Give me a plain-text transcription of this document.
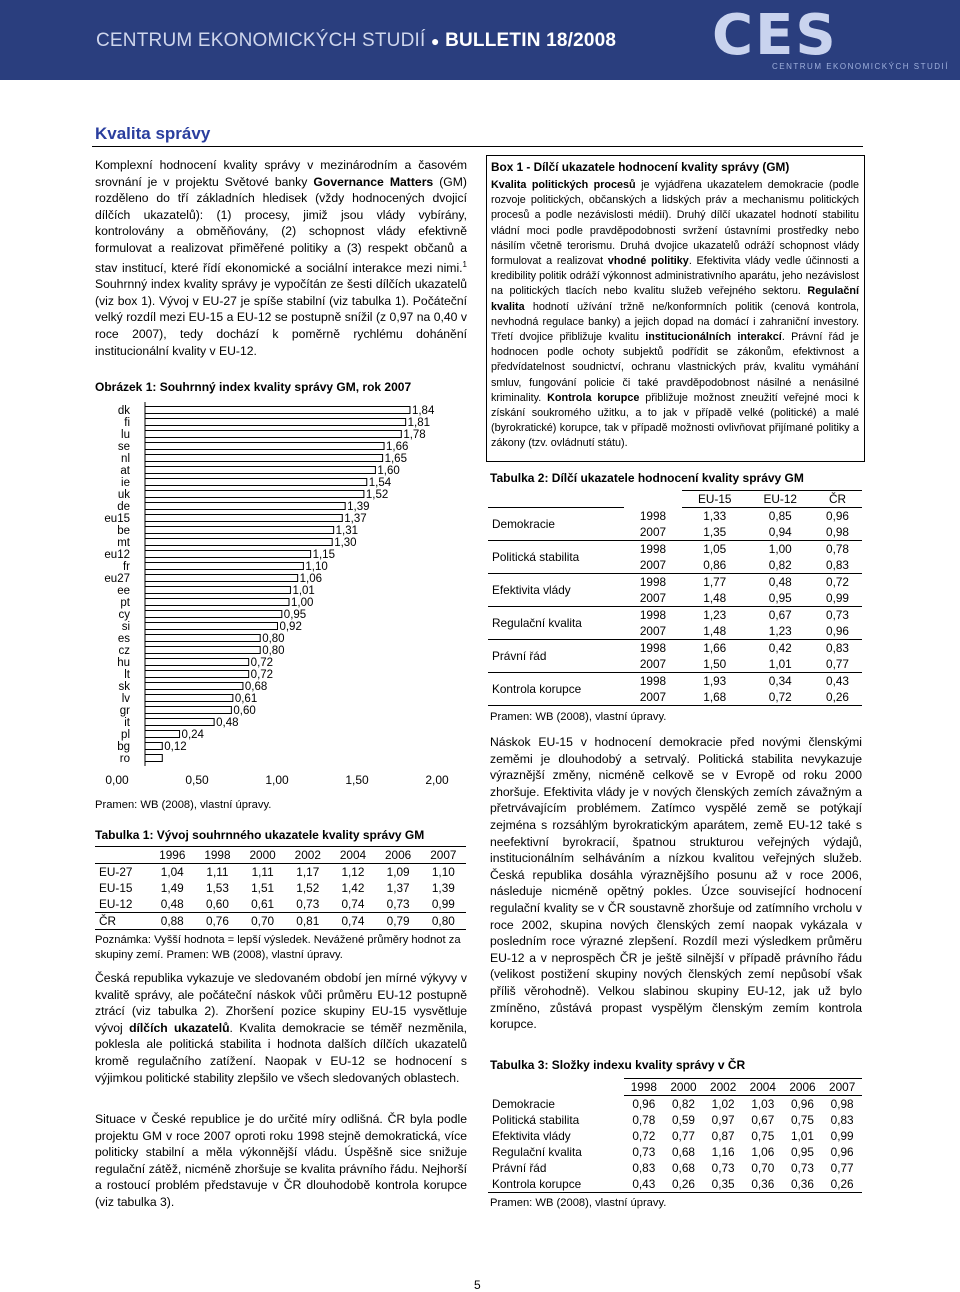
CENTRUM EKONOMICKÝCH STUDIÍ ● BULLETIN 18/2008 CES
CENTRUM EKONOMICKÝCH STUDIÍ
Kvalita správy
Komplexní hodnocení kvality správy v mezinárodním a časovém srovnání je v projektu Světové banky Governance Matters (GM) rozděleno do tří základních hledisek (vždy hodnocených dvojicí dílčích ukazatelů): (1) procesy, jimiž jsou vlády vybírány, kontrolovány a obměňovány, (2) schopnost vlády efektivně formulovat a realizovat přiměřené politiky a (3) respekt občanů a stav institucí, které řídí ekonomické a sociální interakce mezi nimi.$^1$ Souhrnný index kvality správy je vypočítán ze šesti dílčích ukazatelů (viz box 1). Vývoj v EU-27 je spíše stabilní (viz tabulka 1). Počáteční velký rozdíl mezi EU-15 a EU-12 se postupně snížil (z 0,97 na 0,40 v roce 2007), tedy dochází k poměrně rychlému dohánění institucionální kvality v EU-12.
Obrázek 1: Souhrnný index kvality správy GM, rok 2007
dk	1,84
fi	1,81
lu	1,78
se	1,66
nl	1,65
at	1,60
ie	1,54
uk	1,52
de	1,39
eu15	1,37
be	1,31
mt	1,30
eu12	1,15
fr	1,10
eu27	1,06
ee	1,01
pt	1,00
cy	0,95
si	0,92
es	0,80
cz	0,80
hu	0,72
lt	0,72
sk	0,68
lv	0,61
gr	0,60
it	0,48
pl	0,24
bg	0,12
ro
0,00	0,50	1,00	1,50	2,00
Pramen: WB (2008), vlastní úpravy.
Tabulka 1: Vývoj souhrnného ukazatele kvality správy GM
	1996	1998	2000	2002	2004	2006	2007
EU-27	1,04	1,11	1,11	1,17	1,12	1,09	1,10
EU-15	1,49	1,53	1,51	1,52	1,42	1,37	1,39
EU-12	0,48	0,60	0,61	0,73	0,74	0,73	0,99
ČR	0,88	0,76	0,70	0,81	0,74	0,79	0,80
Poznámka: Vyšší hodnota = lepší výsledek. Nevážené průměry hodnot za skupiny zemí. Pramen: WB (2008), vlastní úpravy.
Česká republika vykazuje ve sledovaném období jen mírné výkyvy v kvalitě správy, ale počáteční náskok vůči průměru EU-12 postupně ztrácí (viz tabulka 2). Zhoršení pozice skupiny EU-15 vysvětluje vývoj dílčích ukazatelů. Kvalita demokracie se téměř nezměnila, poklesla ale politická stabilita i hodnota dalších dílčích ukazatelů kromě regulačního zatížení. Naopak v EU-12 se hodnocení s výjimkou politické stability zlepšilo ve všech sledovaných oblastech.
Situace v České republice je do určité míry odlišná. ČR byla podle projektu GM v roce 2007 oproti roku 1998 stejně demokratická, více politicky stabilní a měla výkonnější vládu. Úspěšně sice snižuje regulační zátěž, nicméně zhoršuje se kvalita právního řádu. Nejhorší a rostoucí problém představuje v ČR dlouhodobě kontrola korupce (viz tabulka 3).
Box 1 - Dílčí ukazatele hodnocení kvality správy (GM)
Kvalita politických procesů je vyjádřena ukazatelem demokracie (podle rozvoje politických, občanských a lidských práv a mechanismu politických procesů a podle nezávislosti médií). Druhý dílčí ukazatel hodnotí stabilitu vládní moci podle pravděpodobnosti svržení ústavními prostředky nebo násilím včetně terorismu. Druhá dvojice ukazatelů odráží schopnost vlády formulovat a realizovat vhodné politiky. Efektivita vlády vedle účinnosti a kredibility politik odráží výkonnost administrativního aparátu, jeho nezávislost na politických tlacích nebo kvalitu služeb veřejného sektoru. Regulační kvalita hodnotí užívání tržně ne/konformních politik (cenová kontrola, nevhodná regulace banky) a jejich dopad na domácí i zahraniční investory. Třetí dvojice přibližuje kvalitu institucionálních interakcí. Právní řád je hodnocen podle ochoty subjektů podřídit se zákonům, efektivnost a předvídatelnost soudnictví, ochranu vlastnických práv, kvalitu vymáhání smluv, fungování policie či také pravděpodobnost násilné a nenásilné kriminality. Kontrola korupce přibližuje možnost zneužití veřejné moci k získání soukromého užitku, a to jak v případě velké (politické) a malé (byrokratické) korupce, tak v případě možnosti ovlivňovat přijímané politiky a zákony (tzv. ovládnutí státu).
Tabulka 2: Dílčí ukazatele hodnocení kvality správy GM
		EU-15	EU-12	ČR
Demokracie	1998	1,33	0,85	0,96
	2007	1,35	0,94	0,98
Politická stabilita	1998	1,05	1,00	0,78
	2007	0,86	0,82	0,83
Efektivita vlády	1998	1,77	0,48	0,72
	2007	1,48	0,95	0,99
Regulační kvalita	1998	1,23	0,67	0,73
	2007	1,48	1,23	0,96
Právní řád	1998	1,66	0,42	0,83
	2007	1,50	1,01	0,77
Kontrola korupce	1998	1,93	0,34	0,43
	2007	1,68	0,72	0,26
Pramen: WB (2008), vlastní úpravy.
Náskok EU-15 v hodnocení demokracie před novými členskými zeměmi je dlouhodobý a setrvalý. Politická stabilita nevykazuje výraznější změny, nicméně celkově se v Evropě od roku 2000 zhoršuje. Efektivita vlády je v nových členských zemích závažným a přetrvávajícím problémem. Zatímco vyspělé země se potýkají zejména s rozsáhlým byrokratickým aparátem, země EU-12 také s neefektivní byrokracií, špatnou strukturou veřejných výdajů, institucionálním selháváním a nízkou kvalitou veřejných služeb. Česká republika dosáhla výraznějšího posunu až v roce 2006, následuje nicméně opětný pokles. Úzce související hodnocení regulační kvality se v ČR soustavně zhoršuje od zatímního vrcholu v roce 2002, skupina nových členských zemí naopak vykázala v posledním roce výrazné zlepšení. Rozdíl mezi výsledkem průměru EU-12 a v neprospěch ČR je ještě silnější v případě právního řádu (velikost postižení skupiny nových členských zemí nepůsobí však příliš věrohodně). Velkou slabinou skupiny EU-12, jak už bylo zmíněno, zůstává propast vyspělým členským zemím kontrola korupce.
Tabulka 3: Složky indexu kvality správy v ČR
	1998	2000	2002	2004	2006	2007
Demokracie	0,96	0,82	1,02	1,03	0,96	0,98
Politická stabilita	0,78	0,59	0,97	0,67	0,75	0,83
Efektivita vlády	0,72	0,77	0,87	0,75	1,01	0,99
Regulační kvalita	0,73	0,68	1,16	1,06	0,95	0,96
Právní řád	0,83	0,68	0,73	0,70	0,73	0,77
Kontrola korupce	0,43	0,26	0,35	0,36	0,36	0,26
Pramen: WB (2008), vlastní úpravy.
5
